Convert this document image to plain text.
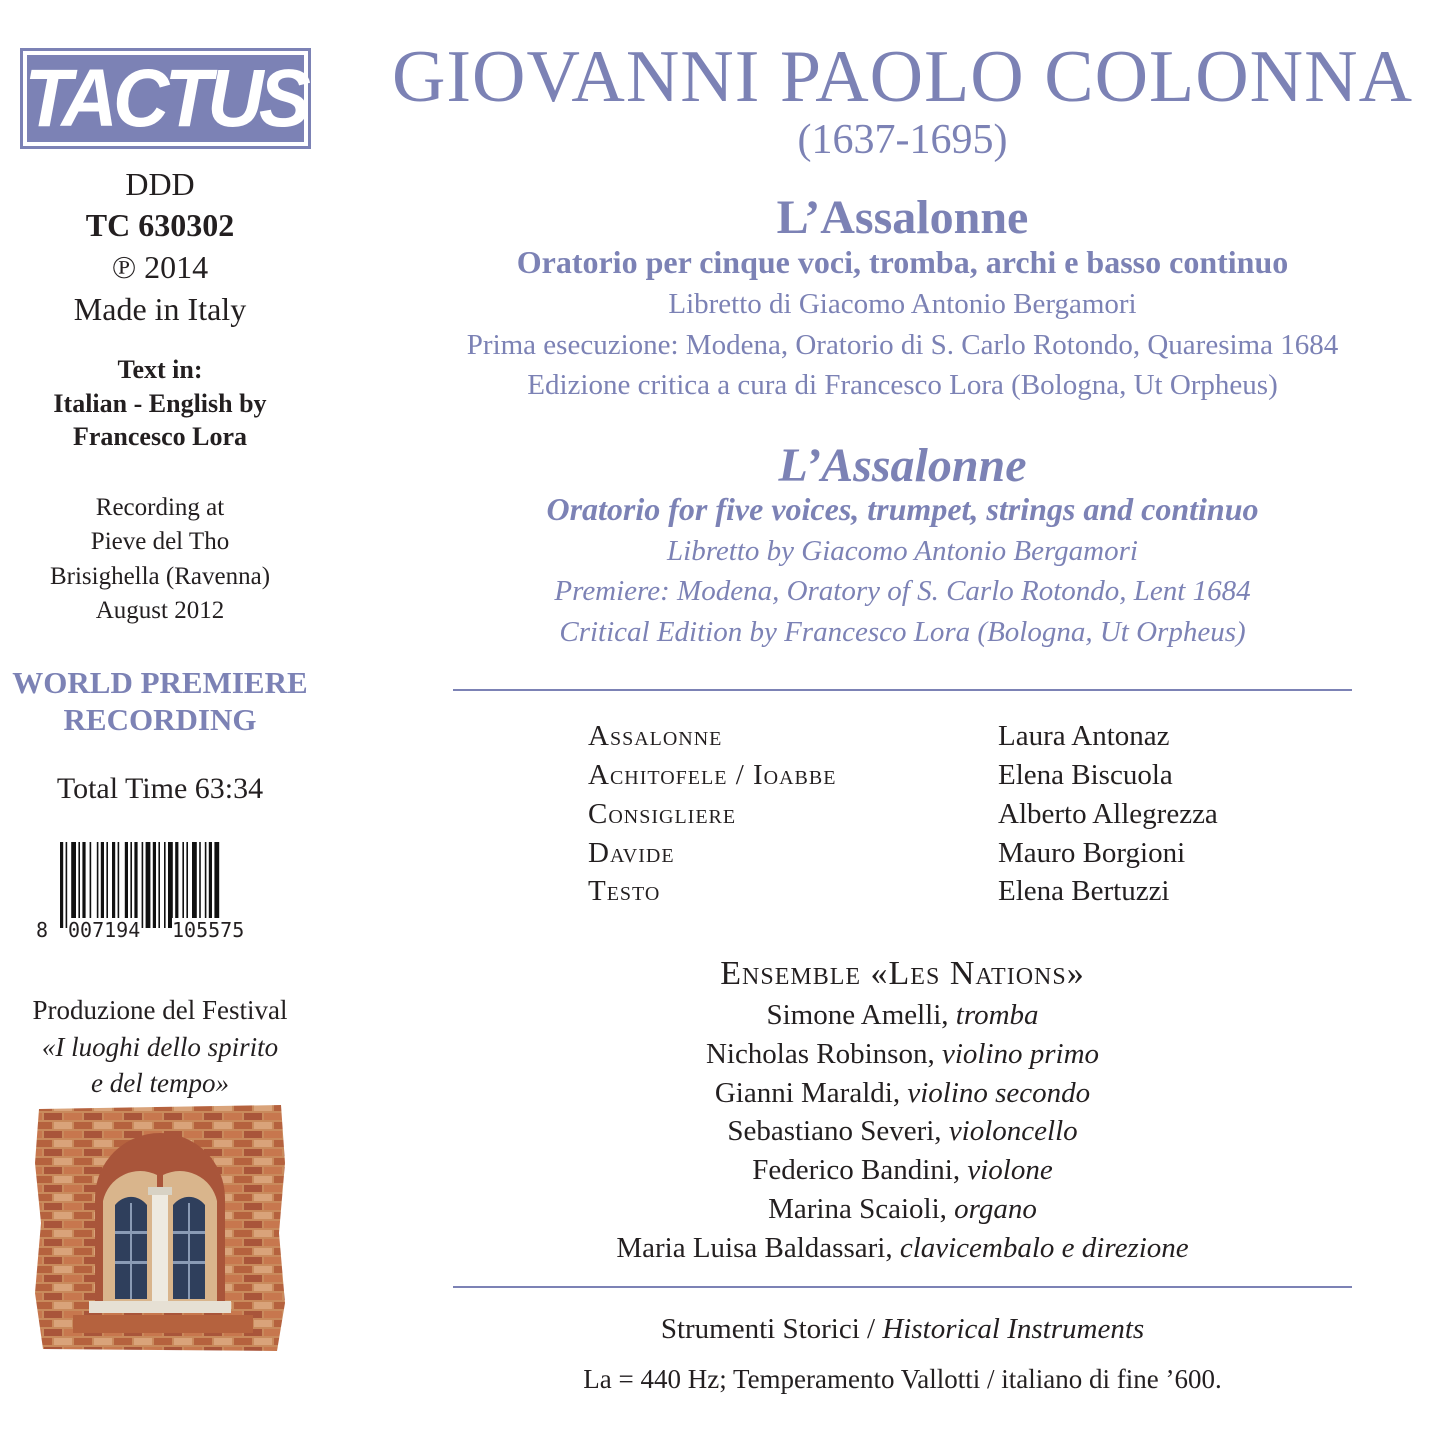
TACTUS
DDD
TC 630302
℗ 2014
Made in Italy
Text in:
Italian - English by
Francesco Lora
Recording at
Pieve del Tho
Brisighella (Ravenna)
August 2012
WORLD PREMIERE
RECORDING
Total Time 63:34
8 007194 105575
Produzione del Festival
«I luoghi dello spirito
e del tempo»
GIOVANNI PAOLO COLONNA
(1637-1695)
L’Assalonne
Oratorio per cinque voci, tromba, archi e basso continuo
Libretto di Giacomo Antonio Bergamori
Prima esecuzione: Modena, Oratorio di S. Carlo Rotondo, Quaresima 1684
Edizione critica a cura di Francesco Lora (Bologna, Ut Orpheus)
L’Assalonne
Oratorio for five voices, trumpet, strings and continuo
Libretto by Giacomo Antonio Bergamori
Premiere: Modena, Oratory of S. Carlo Rotondo, Lent 1684
Critical Edition by Francesco Lora (Bologna, Ut Orpheus)
Assalonne	Laura Antonaz
Achitofele / Ioabbe	Elena Biscuola
Consigliere	Alberto Allegrezza
Davide	Mauro Borgioni
Testo	Elena Bertuzzi
Ensemble «Les Nations»
Simone Amelli, tromba
Nicholas Robinson, violino primo
Gianni Maraldi, violino secondo
Sebastiano Severi, violoncello
Federico Bandini, violone
Marina Scaioli, organo
Maria Luisa Baldassari, clavicembalo e direzione
Strumenti Storici / Historical Instruments
La = 440 Hz; Temperamento Vallotti / italiano di fine ’600.
